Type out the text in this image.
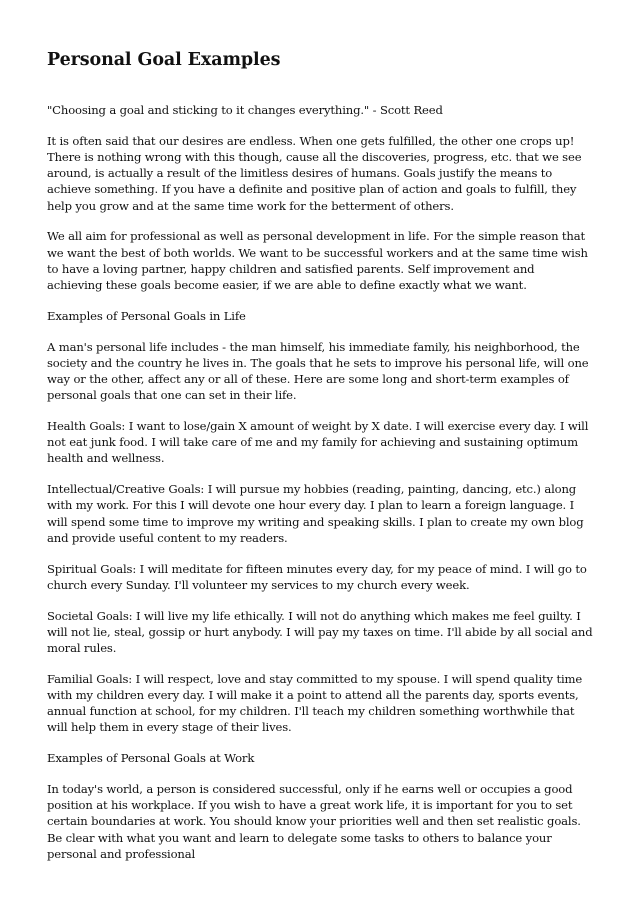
Personal Goal Examples

"Choosing a goal and sticking to it changes everything." - Scott Reed

It is often said that our desires are endless. When one gets fulfilled, the other one crops up! There is nothing wrong with this though, cause all the discoveries, progress, etc. that we see around, is actually a result of the limitless desires of humans. Goals justify the means to achieve something. If you have a definite and positive plan of action and goals to fulfill, they help you grow and at the same time work for the betterment of others.

We all aim for professional as well as personal development in life. For the simple reason that we want the best of both worlds. We want to be successful workers and at the same time wish to have a loving partner, happy children and satisfied parents. Self improvement and achieving these goals become easier, if we are able to define exactly what we want.

Examples of Personal Goals in Life

A man's personal life includes - the man himself, his immediate family, his neighborhood, the society and the country he lives in. The goals that he sets to improve his personal life, will one way or the other, affect any or all of these. Here are some long and short-term examples of personal goals that one can set in their life.

Health Goals: I want to lose/gain X amount of weight by X date. I will exercise every day. I will not eat junk food. I will take care of me and my family for achieving and sustaining optimum health and wellness.

Intellectual/Creative Goals: I will pursue my hobbies (reading, painting, dancing, etc.) along with my work. For this I will devote one hour every day. I plan to learn a foreign language. I will spend some time to improve my writing and speaking skills. I plan to create my own blog and provide useful content to my readers.

Spiritual Goals: I will meditate for fifteen minutes every day, for my peace of mind. I will go to church every Sunday. I'll volunteer my services to my church every week.

Societal Goals: I will live my life ethically. I will not do anything which makes me feel guilty. I will not lie, steal, gossip or hurt anybody. I will pay my taxes on time. I'll abide by all social and moral rules.

Familial Goals: I will respect, love and stay committed to my spouse. I will spend quality time with my children every day. I will make it a point to attend all the parents day, sports events, annual function at school, for my children. I'll teach my children something worthwhile that will help them in every stage of their lives.

Examples of Personal Goals at Work

In today's world, a person is considered successful, only if he earns well or occupies a good position at his workplace. If you wish to have a great work life, it is important for you to set certain boundaries at work. You should know your priorities well and then set realistic goals. Be clear with what you want and learn to delegate some tasks to others to balance your personal and professional
